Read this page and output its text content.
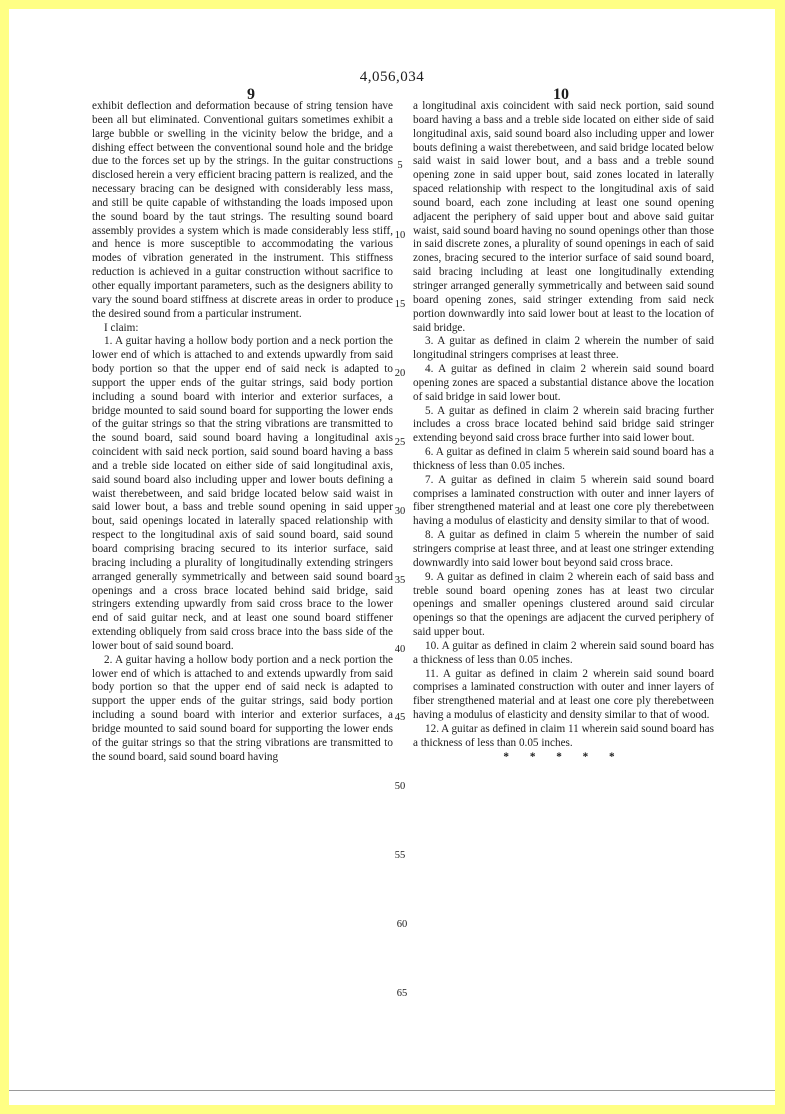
4,056,034
9	10

exhibit deflection and deformation because of string tension have been all but eliminated. Conventional guitars sometimes exhibit a large bubble or swelling in the vicinity below the bridge, and a dishing effect between the conventional sound hole and the bridge due to the forces set up by the strings. In the guitar constructions disclosed herein a very efficient bracing pattern is realized, and the necessary bracing can be designed with considerably less mass, and still be quite capable of withstanding the loads imposed upon the sound board by the taut strings. The resulting sound board assembly provides a system which is made considerably less stiff, and hence is more susceptible to accommodating the various modes of vibration generated in the instrument. This stiffness reduction is achieved in a guitar construction without sacrifice to other equally important parameters, such as the designers ability to vary the sound board stiffness at discrete areas in order to produce the desired sound from a particular instrument.

I claim:

1. A guitar having a hollow body portion and a neck portion the lower end of which is attached to and extends upwardly from said body portion so that the upper end of said neck is adapted to support the upper ends of the guitar strings, said body portion including a sound board with interior and exterior surfaces, a bridge mounted to said sound board for supporting the lower ends of the guitar strings so that the string vibrations are transmitted to the sound board, said sound board having a longitudinal axis coincident with said neck portion, said sound board having a bass and a treble side located on either side of said longitudinal axis, said sound board also including upper and lower bouts defining a waist therebetween, and said bridge located below said waist in said lower bout, a bass and treble sound opening in said upper bout, said openings located in laterally spaced relationship with respect to the longitudinal axis of said sound board, said sound board comprising bracing secured to its interior surface, said bracing including a plurality of longitudinally extending stringers arranged generally symmetrically and between said sound board openings and a cross brace located behind said bridge, said stringers extending upwardly from said cross brace to the lower end of said guitar neck, and at least one sound board stiffener extending obliquely from said cross brace into the bass side of the lower bout of said sound board.

2. A guitar having a hollow body portion and a neck portion the lower end of which is attached to and extends upwardly from said body portion so that the upper end of said neck is adapted to support the upper ends of the guitar strings, said body portion including a sound board with interior and exterior surfaces, a bridge mounted to said sound board for supporting the lower ends of the guitar strings so that the string vibrations are transmitted to the sound board, said sound board having

a longitudinal axis coincident with said neck portion, said sound board having a bass and a treble side located on either side of said longitudinal axis, said sound board also including upper and lower bouts defining a waist therebetween, and said bridge located below said waist in said lower bout, and a bass and a treble sound opening zone in said upper bout, said zones located in laterally spaced relationship with respect to the longitudinal axis of said sound board, each zone including at least one sound opening adjacent the periphery of said upper bout and above said guitar waist, said sound board having no sound openings other than those in said discrete zones, a plurality of sound openings in each of said zones, bracing secured to the interior surface of said sound board, said bracing including at least one longitudinally extending stringer arranged generally symmetrically and between said sound board opening zones, said stringer extending from said neck portion downwardly into said lower bout at least to the location of said bridge.

3. A guitar as defined in claim 2 wherein the number of said longitudinal stringers comprises at least three.

4. A guitar as defined in claim 2 wherein said sound board opening zones are spaced a substantial distance above the location of said bridge in said lower bout.

5. A guitar as defined in claim 2 wherein said bracing further includes a cross brace located behind said bridge said stringer extending beyond said cross brace further into said lower bout.

6. A guitar as defined in claim 5 wherein said sound board has a thickness of less than 0.05 inches.

7. A guitar as defined in claim 5 wherein said sound board comprises a laminated construction with outer and inner layers of fiber strengthened material and at least one core ply therebetween having a modulus of elasticity and density similar to that of wood.

8. A guitar as defined in claim 5 wherein the number of said stringers comprise at least three, and at least one stringer extending downwardly into said lower bout beyond said cross brace.

9. A guitar as defined in claim 2 wherein each of said bass and treble sound board opening zones has at least two circular openings and smaller openings clustered around said circular openings so that the openings are adjacent the curved periphery of said upper bout.

10. A guitar as defined in claim 2 wherein said sound board has a thickness of less than 0.05 inches.

11. A guitar as defined in claim 2 wherein said sound board comprises a laminated construction with outer and inner layers of fiber strengthened material and at least one core ply therebetween having a modulus of elasticity and density similar to that of wood.

12. A guitar as defined in claim 11 wherein said sound board has a thickness of less than 0.05 inches.

* * * * *

5
10
15
20
25
30
35
40
45
50
55
60
65
